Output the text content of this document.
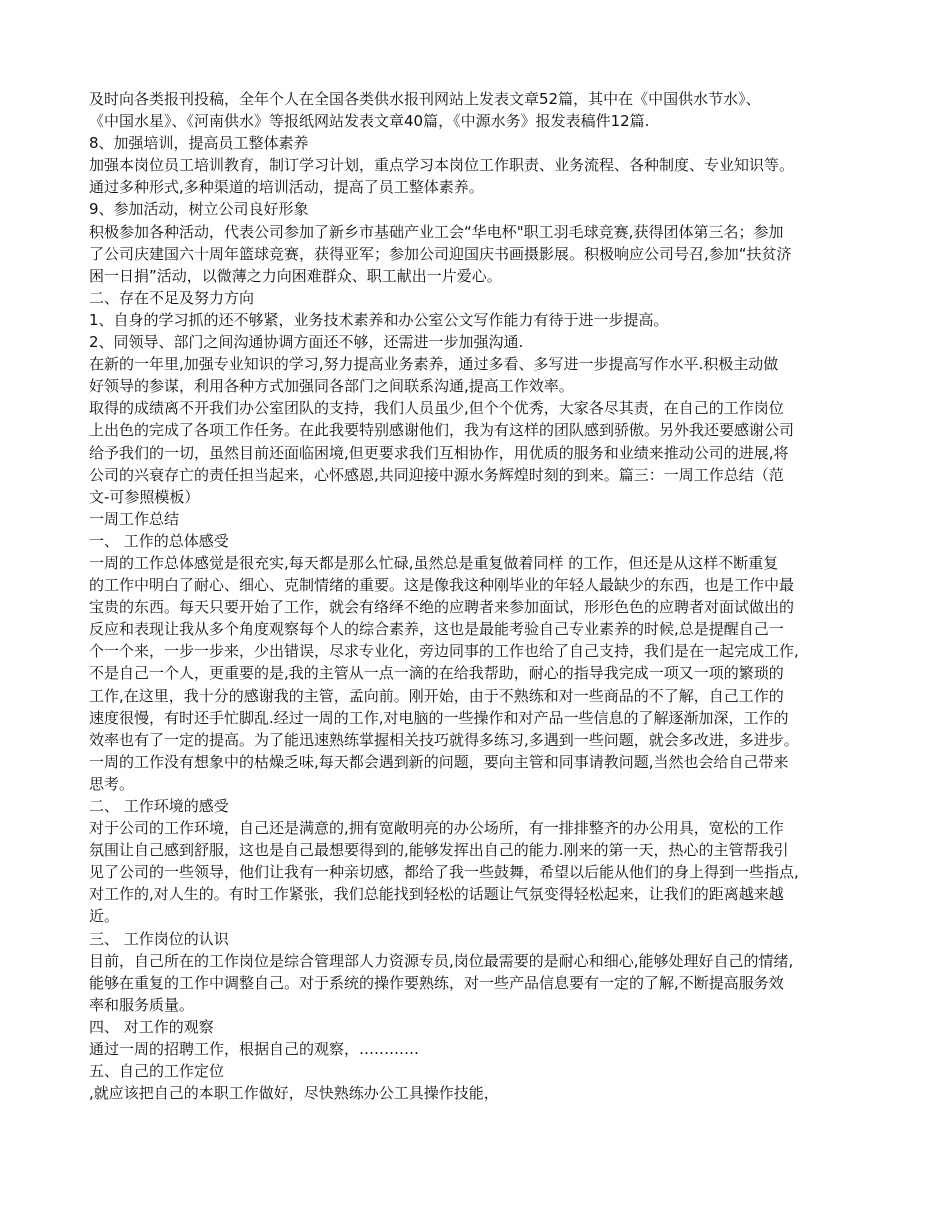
及时向各类报刊投稿，全年个人在全国各类供水报刊网站上发表文章52篇，其中在《中国供水节水》、
《中国水星》、《河南供水》等报纸网站发表文章40篇，《中源水务》报发表稿件12篇.
8、加强培训，提高员工整体素养
加强本岗位员工培训教育，制订学习计划，重点学习本岗位工作职责、业务流程、各种制度、专业知识等。
通过多种形式,多种渠道的培训活动，提高了员工整体素养。
9、参加活动，树立公司良好形象
积极参加各种活动，代表公司参加了新乡市基础产业工会“华电杯"职工羽毛球竞赛,获得团体第三名；参加
了公司庆建国六十周年篮球竞赛，获得亚军；参加公司迎国庆书画摄影展。积极响应公司号召,参加“扶贫济
困一日捐”活动，以微薄之力向困难群众、职工献出一片爱心。
二、存在不足及努力方向
1、自身的学习抓的还不够紧，业务技术素养和办公室公文写作能力有待于进一步提高。
2、同领导、部门之间沟通协调方面还不够，还需进一步加强沟通.
在新的一年里,加强专业知识的学习,努力提高业务素养，通过多看、多写进一步提高写作水平.积极主动做
好领导的参谋，利用各种方式加强同各部门之间联系沟通,提高工作效率。
取得的成绩离不开我们办公室团队的支持，我们人员虽少,但个个优秀，大家各尽其责，在自己的工作岗位
上出色的完成了各项工作任务。在此我要特别感谢他们，我为有这样的团队感到骄傲。另外我还要感谢公司
给予我们的一切，虽然目前还面临困境,但更要求我们互相协作，用优质的服务和业绩来推动公司的进展,将
公司的兴衰存亡的责任担当起来，心怀感恩,共同迎接中源水务辉煌时刻的到来。篇三：一周工作总结（范
文-可参照模板）
一周工作总结
一、 工作的总体感受
一周的工作总体感觉是很充实,每天都是那么忙碌,虽然总是重复做着同样 的工作，但还是从这样不断重复
的工作中明白了耐心、细心、克制情绪的重要。这是像我这种刚毕业的年轻人最缺少的东西，也是工作中最
宝贵的东西。每天只要开始了工作，就会有络绎不绝的应聘者来参加面试，形形色色的应聘者对面试做出的
反应和表现让我从多个角度观察每个人的综合素养，这也是最能考验自己专业素养的时候,总是提醒自己一
个一个来，一步一步来，少出错误，尽求专业化，旁边同事的工作也给了自己支持，我们是在一起完成工作,
不是自己一个人，更重要的是,我的主管从一点一滴的在给我帮助，耐心的指导我完成一项又一项的繁琐的
工作,在这里，我十分的感谢我的主管，孟向前。刚开始，由于不熟练和对一些商品的不了解，自己工作的
速度很慢，有时还手忙脚乱.经过一周的工作,对电脑的一些操作和对产品一些信息的了解逐渐加深，工作的
效率也有了一定的提高。为了能迅速熟练掌握相关技巧就得多练习,多遇到一些问题，就会多改进，多进步。
一周的工作没有想象中的枯燥乏味,每天都会遇到新的问题，要向主管和同事请教问题,当然也会给自己带来
思考。
二、 工作环境的感受
对于公司的工作环境，自己还是满意的,拥有宽敞明亮的办公场所，有一排排整齐的办公用具，宽松的工作
氛围让自己感到舒服，这也是自己最想要得到的,能够发挥出自己的能力.刚来的第一天，热心的主管帮我引
见了公司的一些领导，他们让我有一种亲切感，都给了我一些鼓舞，希望以后能从他们的身上得到一些指点,
对工作的,对人生的。有时工作紧张，我们总能找到轻松的话题让气氛变得轻松起来，让我们的距离越来越
近。
三、 工作岗位的认识
目前，自己所在的工作岗位是综合管理部人力资源专员,岗位最需要的是耐心和细心,能够处理好自己的情绪,
能够在重复的工作中调整自己。对于系统的操作要熟练，对一些产品信息要有一定的了解,不断提高服务效
率和服务质量。
四、 对工作的观察
通过一周的招聘工作，根据自己的观察，…………
五、自己的工作定位
,就应该把自己的本职工作做好，尽快熟练办公工具操作技能，
